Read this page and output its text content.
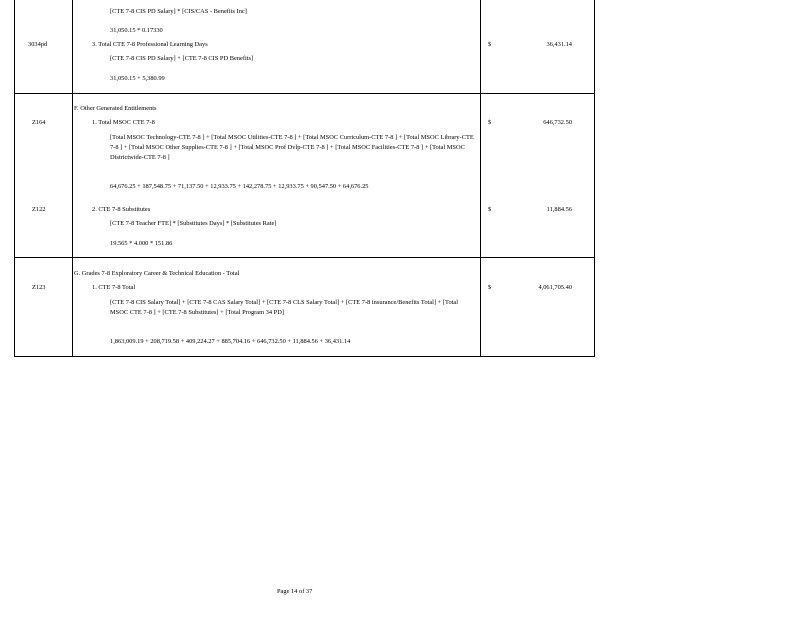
[CTE 7-8 CIS PD Salary] * [CIS/CAS - Benefits Inc]
31,050.15 * 0.17330
3034pd	3. Total CTE 7-8 Professional Learning Days
[CTE 7-8 CIS PD Salary] + [CTE 7-8 CIS PD Benefits]
31,050.15 + 5,380.99
$	36,431.14
F. Other Generated Entitlements
Z164	1. Total MSOC CTE 7-8
[Total MSOC Technology-CTE 7-8 ] + [Total MSOC Utilities-CTE 7-8 ] + [Total MSOC Curriculum-CTE 7-8 ] + [Total MSOC Library-CTE 7-8 ] + [Total MSOC Other Supplies-CTE 7-8 ] + [Total MSOC Prof Dvlp-CTE 7-8 ] + [Total MSOC Facilities-CTE 7-8 ] + [Total MSOC Districtwide-CTE 7-8 ]
64,676.25 + 187,548.75 + 71,137.50 + 12,933.75 + 142,278.75 + 12,933.75 + 90,547.50 + 64,676.25
$	646,732.50
Z122	2. CTE 7-8 Substitutes
[CTE 7-8 Teacher FTE] * [Substitutes Days] * [Substitutes Rate]
19.565 * 4.000 * 151.86
$	11,884.56
G. Grades 7-8 Exploratory Career & Technical Education - Total
Z123	1. CTE 7-8 Total
[CTE 7-8 CIS Salary Total] + [CTE 7-8 CAS Salary Total] + [CTE 7-8 CLS Salary Total] + [CTE 7-8 insurance/Benefits Total] + [Total MSOC CTE 7-8 ] + [CTE 7-8 Substitutes] + [Total Program 34 PD]
1,863,009.19 + 208,719.58 + 409,224.27 + 885,704.16 + 646,732.50 + 11,884.56 + 36,431.14
$	4,061,705.40
Page 14 of 37
